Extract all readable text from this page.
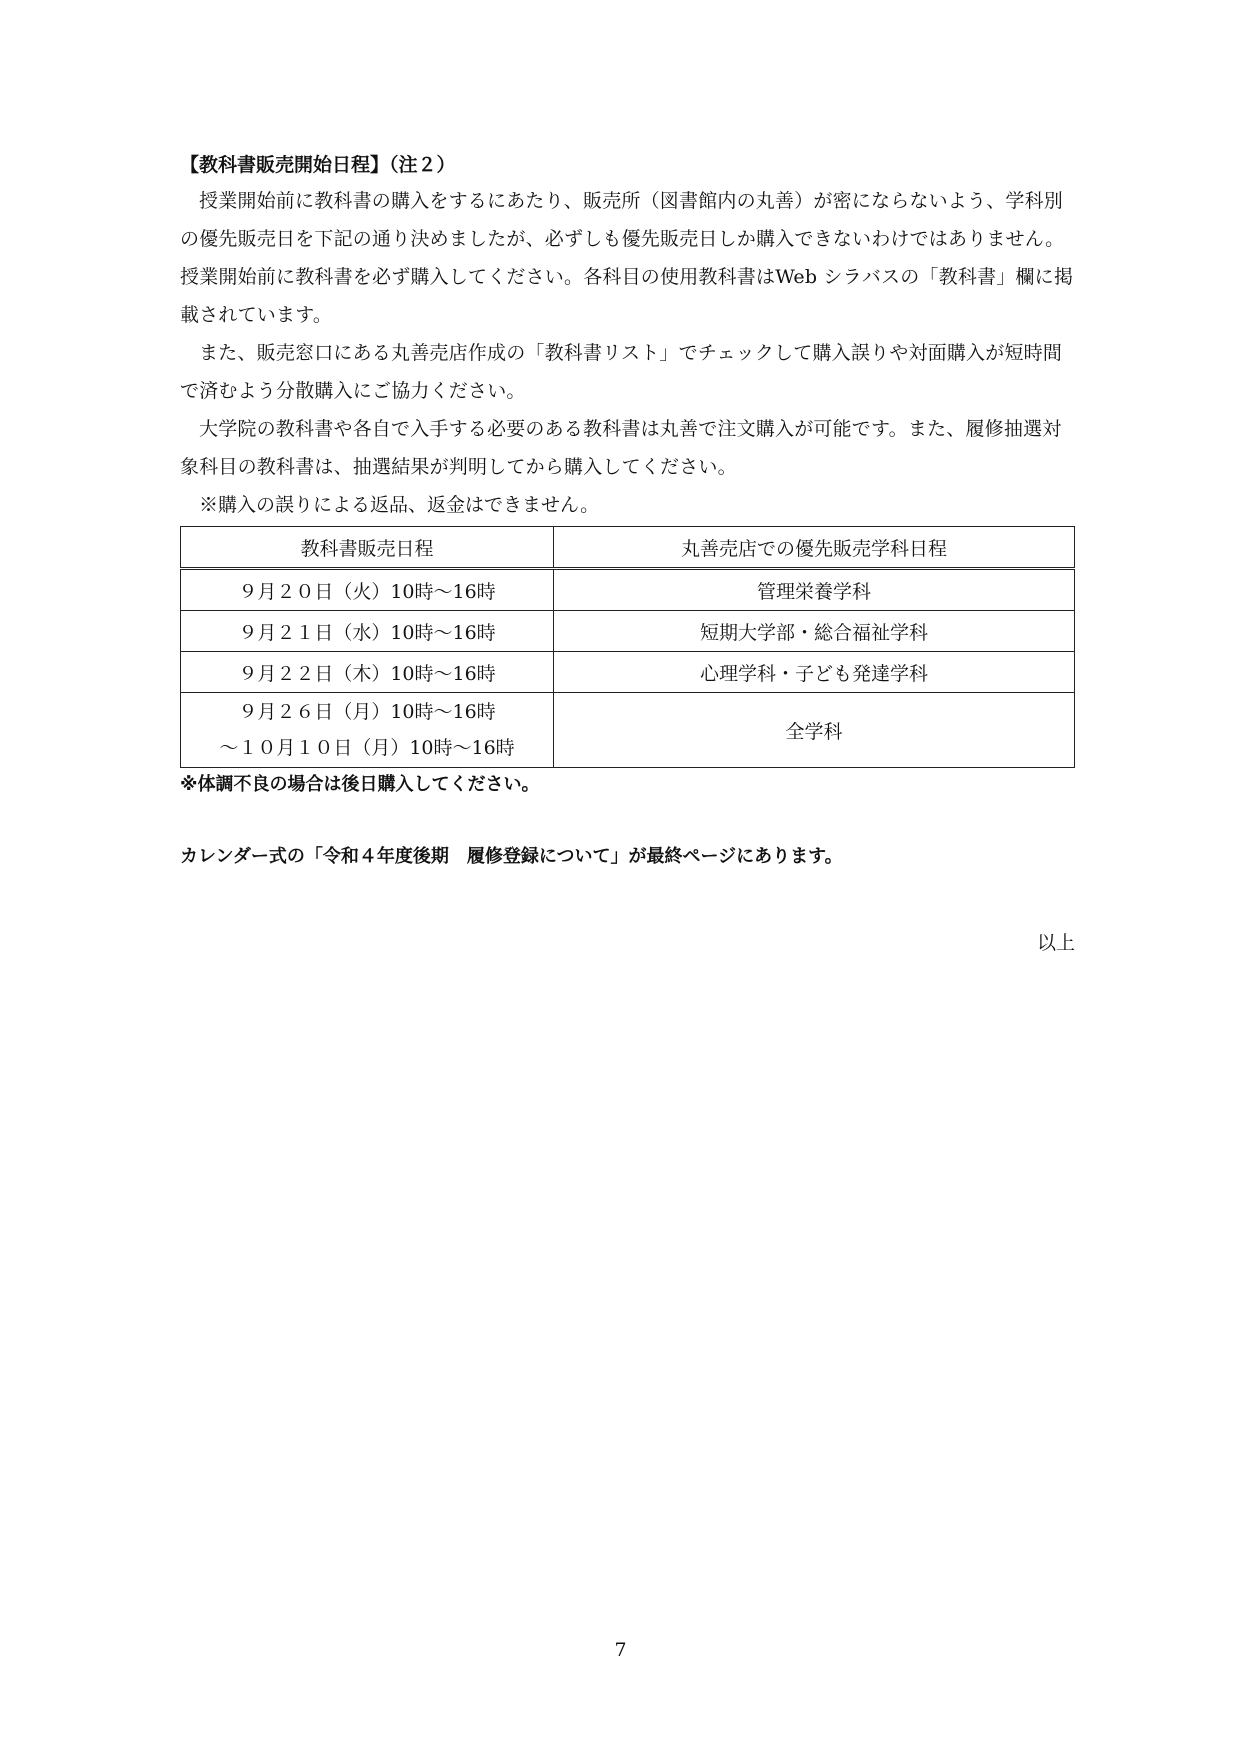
【教科書販売開始日程】（注２）

授業開始前に教科書の購入をするにあたり、販売所（図書館内の丸善）が密にならないよう、学科別の優先販売日を下記の通り決めましたが、必ずしも優先販売日しか購入できないわけではありません。授業開始前に教科書を必ず購入してください。各科目の使用教科書はWeb シラバスの「教科書」欄に掲載されています。

また、販売窓口にある丸善売店作成の「教科書リスト」でチェックして購入誤りや対面購入が短時間で済むよう分散購入にご協力ください。

大学院の教科書や各自で入手する必要のある教科書は丸善で注文購入が可能です。また、履修抽選対象科目の教科書は、抽選結果が判明してから購入してください。

※購入の誤りによる返品、返金はできません。

教科書販売日程	丸善売店での優先販売学科日程
９月２０日（火）10時～16時	管理栄養学科
９月２１日（水）10時～16時	短期大学部・総合福祉学科
９月２２日（木）10時～16時	心理学科・子ども発達学科

９月２６日（月）10時～16時
～１０月１０日（月）10時～16時	全学科

※体調不良の場合は後日購入してください。

カレンダー式の「令和４年度後期　履修登録について」が最終ページにあります。

以上

7
